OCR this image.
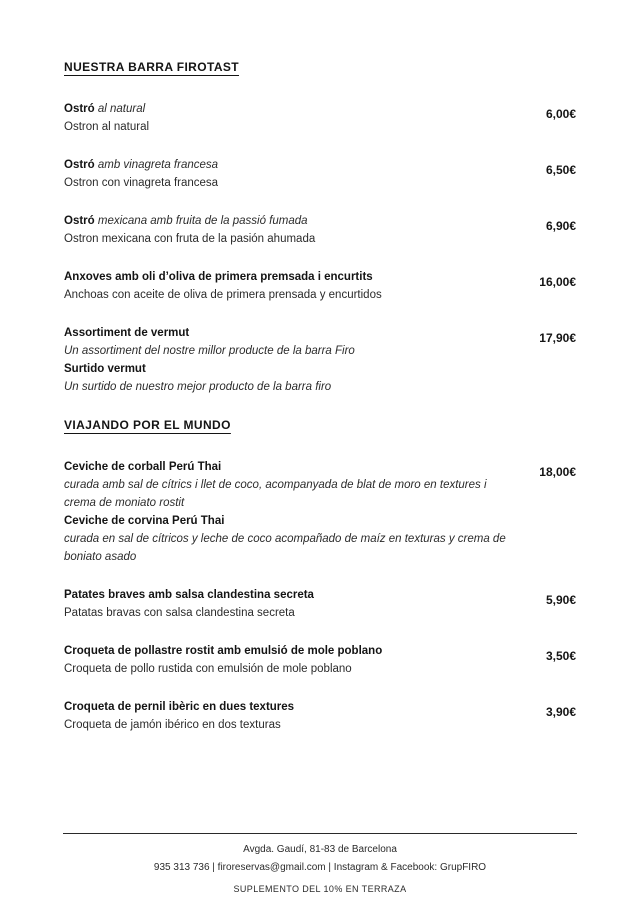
NUESTRA BARRA FIROTAST

Ostró al natural

Ostron al natural

6,00€

Ostró amb vinagreta francesa

Ostron con vinagreta francesa

6,50€

Ostró mexicana amb fruita de la passió fumada

Ostron mexicana con fruta de la pasión ahumada

6,90€

Anxoves amb oli d’oliva de primera premsada i encurtits

Anchoas con aceite de oliva de primera prensada y encurtidos

16,00€

Assortiment de vermut

Un assortiment del nostre millor producte de la barra Firo

Surtido vermut

Un surtido de nuestro mejor producto de la barra firo

17,90€
VIAJANDO POR EL MUNDO

Ceviche de corball Perú Thai

curada amb sal de cítrics i llet de coco, acompanyada de blat de moro en textures i crema de moniato rostit

Ceviche de corvina Perú Thai

curada en sal de cítricos y leche de coco acompañado de maíz en texturas y crema de boniato asado

18,00€

Patates braves amb salsa clandestina secreta

Patatas bravas con salsa clandestina secreta

5,90€

Croqueta de pollastre rostit amb emulsió de mole poblano

Croqueta de pollo rustida con emulsión de mole poblano

3,50€

Croqueta de pernil ibèric en dues textures

Croqueta de jamón ibérico en dos texturas

3,90€

Avgda. Gaudí, 81-83 de Barcelona

935 313 736 | firoreservas@gmail.com | Instagram & Facebook: GrupFIRO

SUPLEMENTO DEL 10% EN TERRAZA
